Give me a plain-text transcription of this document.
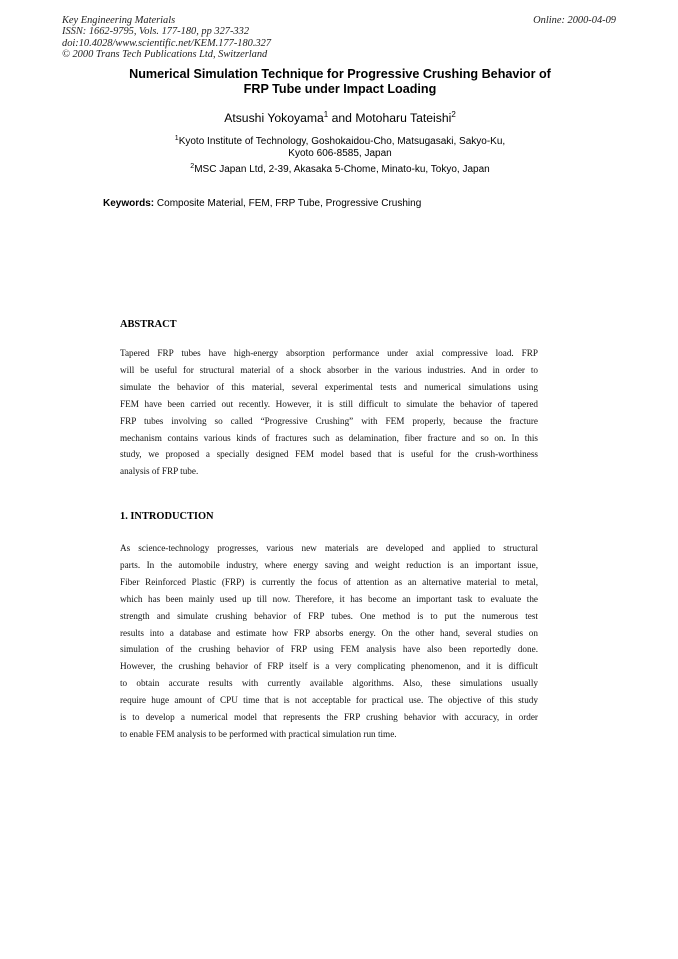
Key Engineering Materials
ISSN: 1662-9795, Vols. 177-180, pp 327-332
doi:10.4028/www.scientific.net/KEM.177-180.327
© 2000 Trans Tech Publications Ltd, Switzerland
Online: 2000-04-09
Numerical Simulation Technique for Progressive Crushing Behavior of
FRP Tube under Impact Loading
Atsushi Yokoyama$^1$ and Motoharu Tateishi$^2$
$^1$Kyoto Institute of Technology, Goshokaidou-Cho, Matsugasaki, Sakyo-Ku,
Kyoto 606-8585, Japan
$^2$MSC Japan Ltd, 2-39, Akasaka 5-Chome, Minato-ku, Tokyo, Japan
Keywords: Composite Material, FEM, FRP Tube, Progressive Crushing
ABSTRACT
Tapered FRP tubes have high-energy absorption performance under axial compressive load. FRP
will be useful for structural material of a shock absorber in the various industries. And in order to
simulate the behavior of this material, several experimental tests and numerical simulations using
FEM have been carried out recently. However, it is still difficult to simulate the behavior of tapered
FRP tubes involving so called “Progressive Crushing” with FEM properly, because the fracture
mechanism contains various kinds of fractures such as delamination, fiber fracture and so on. In this
study, we proposed a specially designed FEM model based that is useful for the crush-worthiness
analysis of FRP tube.
1. INTRODUCTION
As science-technology progresses, various new materials are developed and applied to structural
parts. In the automobile industry, where energy saving and weight reduction is an important issue,
Fiber Reinforced Plastic (FRP) is currently the focus of attention as an alternative material to metal,
which has been mainly used up till now. Therefore, it has become an important task to evaluate the
strength and simulate crushing behavior of FRP tubes. One method is to put the numerous test
results into a database and estimate how FRP absorbs energy. On the other hand, several studies on
simulation of the crushing behavior of FRP using FEM analysis have also been reportedly done.
However, the crushing behavior of FRP itself is a very complicating phenomenon, and it is difficult
to obtain accurate results with currently available algorithms. Also, these simulations usually
require huge amount of CPU time that is not acceptable for practical use. The objective of this study
is to develop a numerical model that represents the FRP crushing behavior with accuracy, in order
to enable FEM analysis to be performed with practical simulation run time.
